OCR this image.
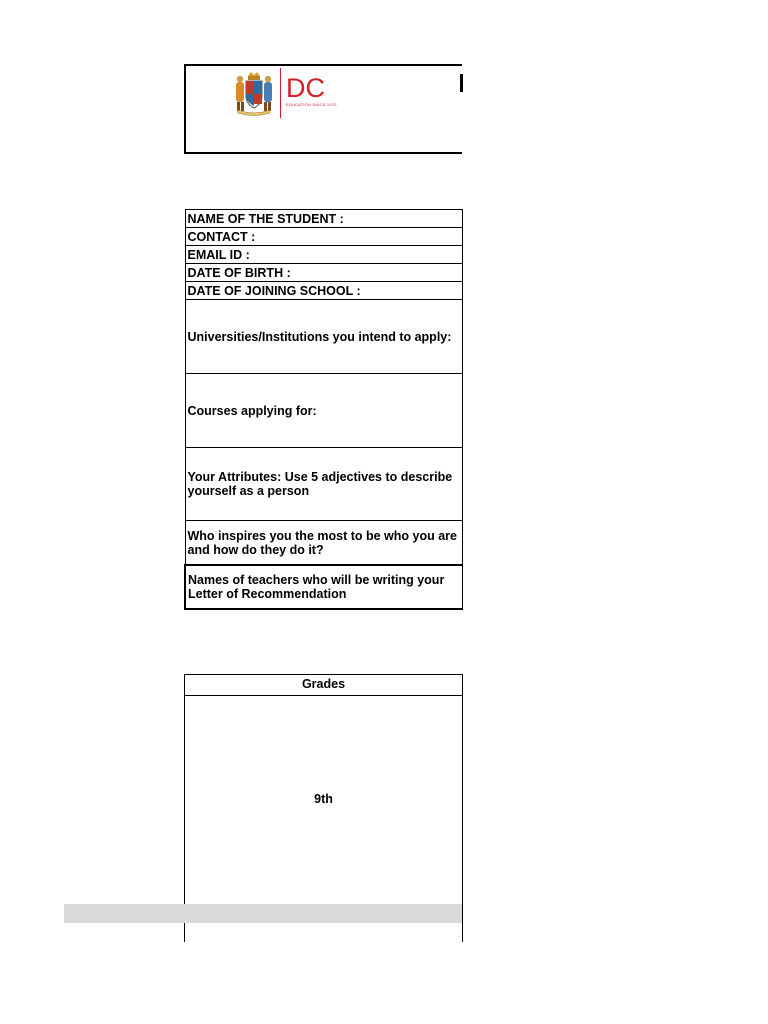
DC
EDUCATION SINCE 1970
NAME OF THE STUDENT :
CONTACT :
EMAIL ID :
DATE OF BIRTH :
DATE OF JOINING SCHOOL :
Universities/Institutions you intend to apply:
Courses applying for:
Your Attributes: Use 5 adjectives to describe yourself as a person
Who inspires you the most to be who you are and how do they do it?
Names of teachers who will be writing your Letter of Recommendation
Grades
9th
